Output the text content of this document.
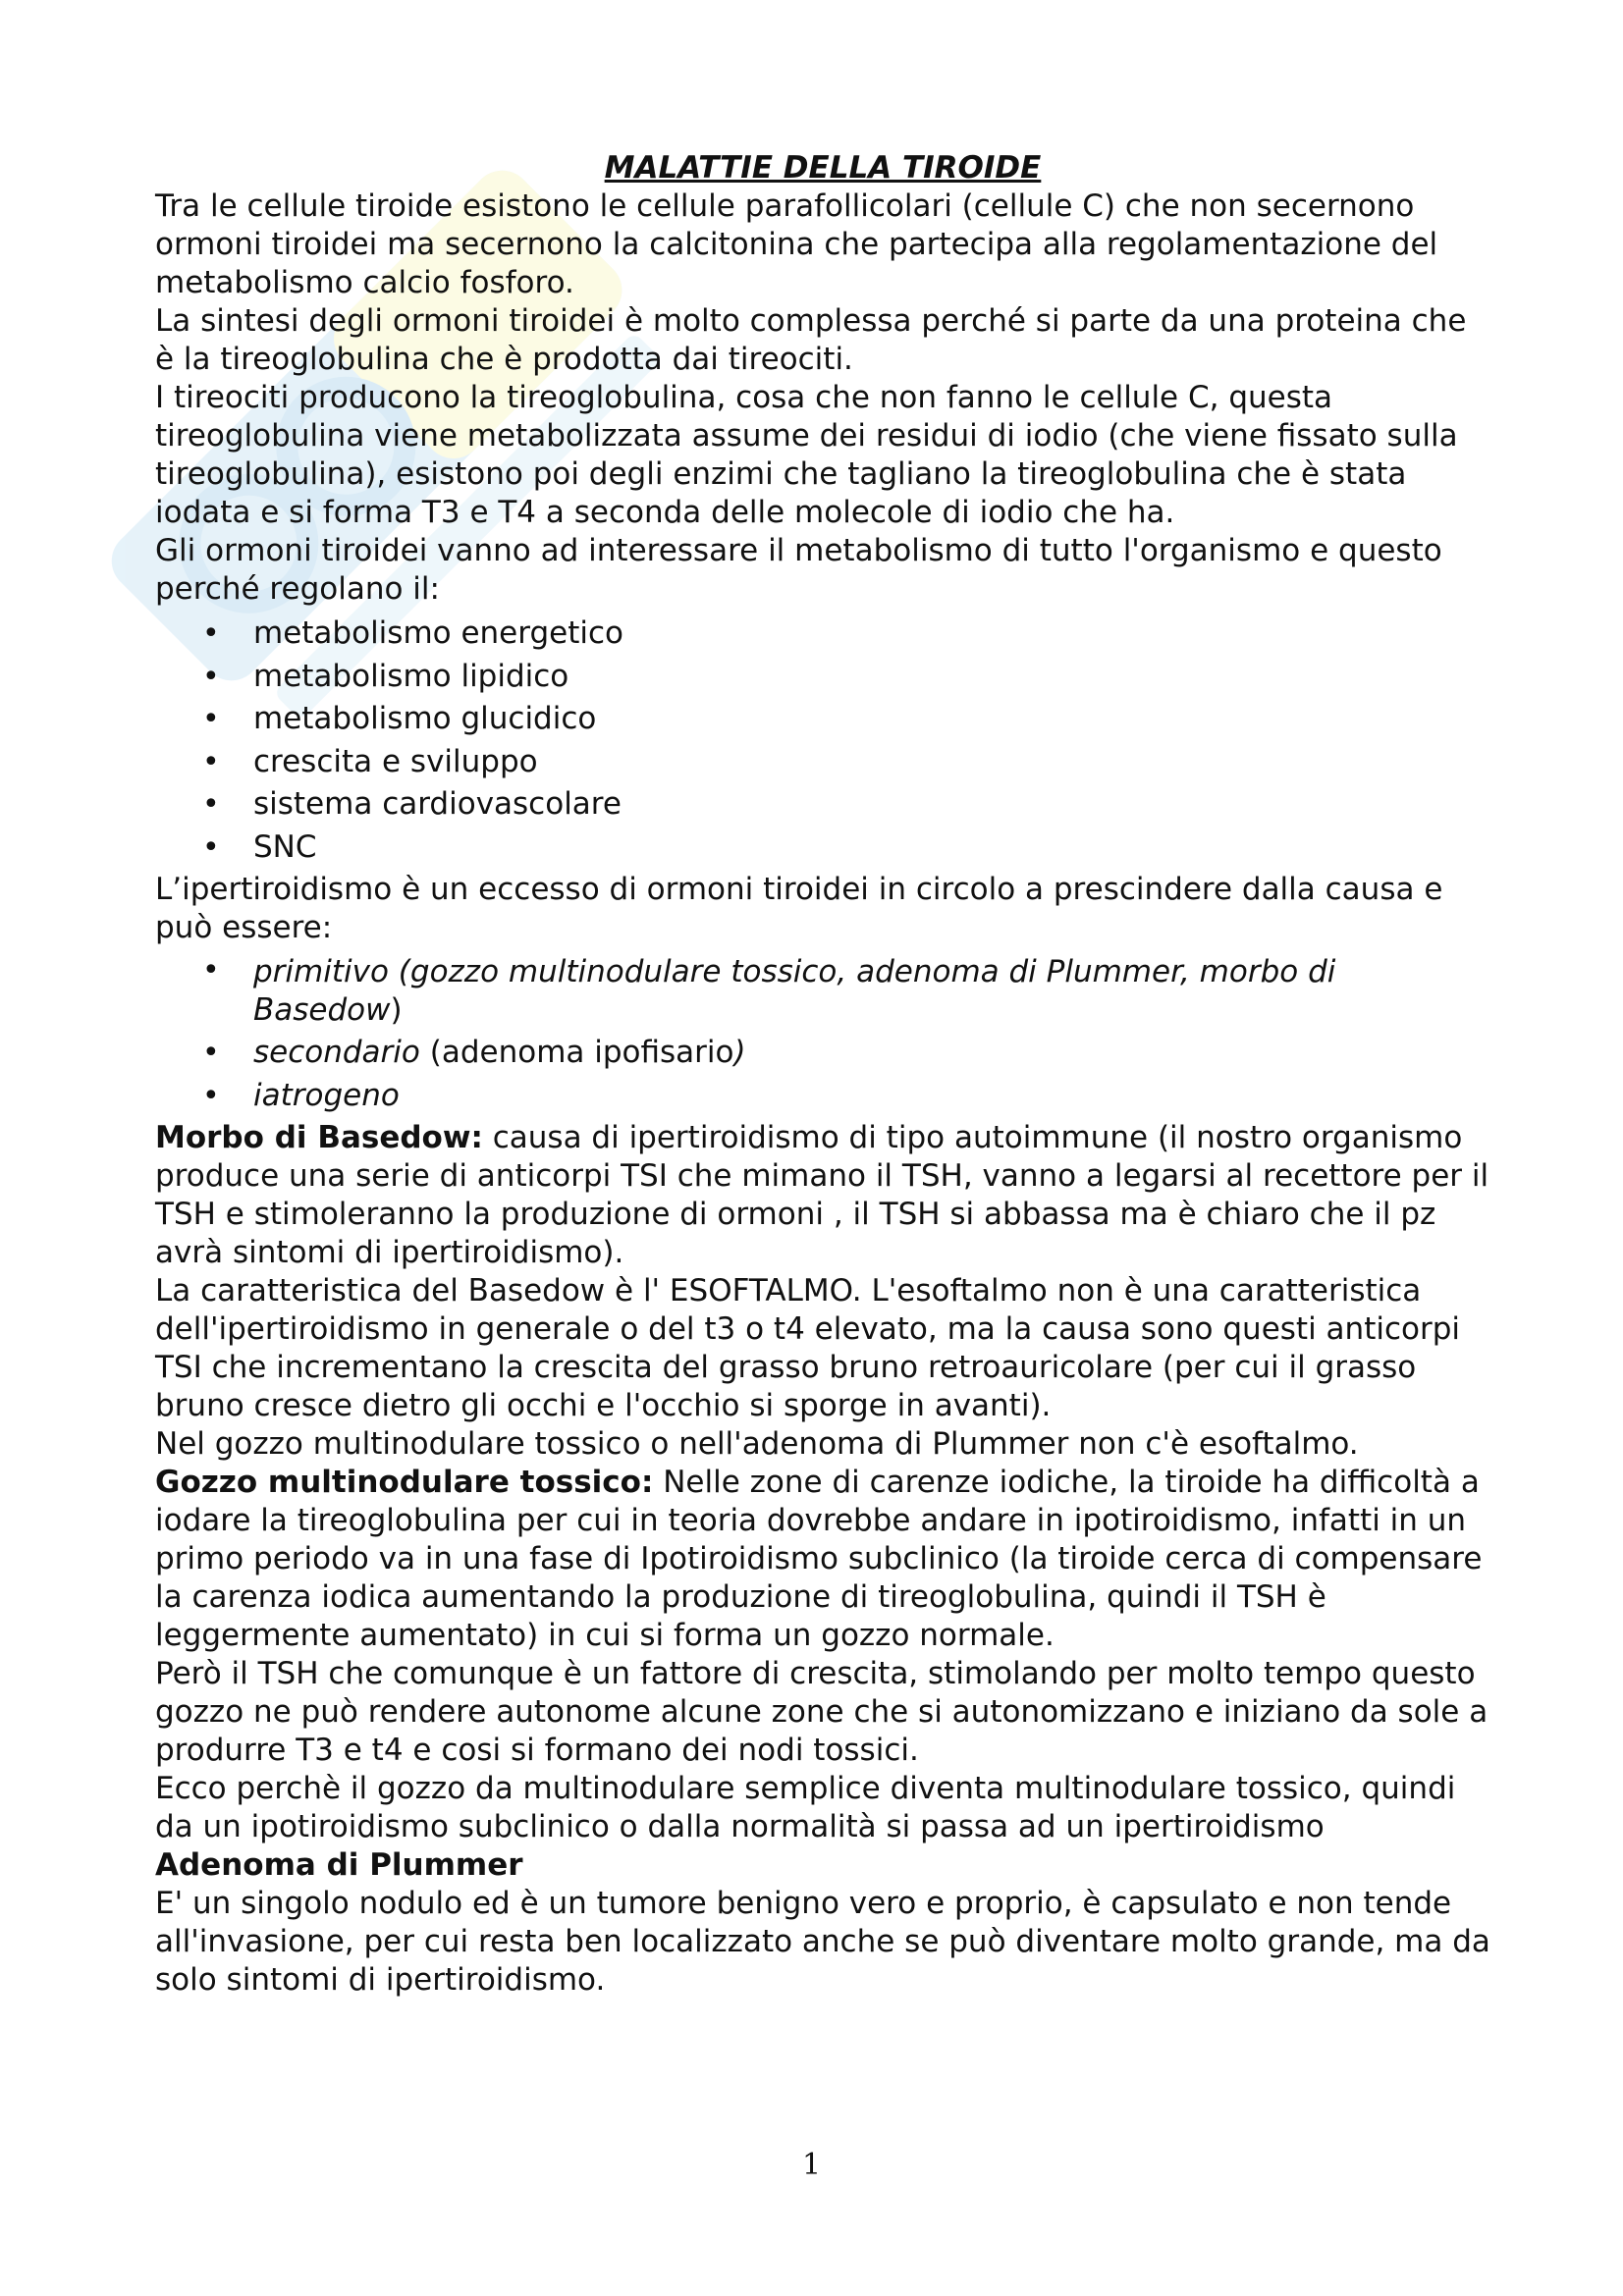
MALATTIE DELLA TIROIDE

Tra le cellule tiroide esistono le cellule parafollicolari (cellule C) che non secernono ormoni tiroidei ma secernono la calcitonina che partecipa alla regolamentazione del metabolismo calcio fosforo.

La sintesi degli ormoni tiroidei è molto complessa perché si parte da una proteina che è la tireoglobulina che è prodotta dai tireociti.

I tireociti producono la tireoglobulina, cosa che non fanno le cellule C, questa tireoglobulina viene metabolizzata assume dei residui di iodio (che viene fissato sulla tireoglobulina), esistono poi degli enzimi che tagliano la tireoglobulina che è stata iodata e si forma T3 e T4 a seconda delle molecole di iodio che ha.

Gli ormoni tiroidei vanno ad interessare il metabolismo di tutto l'organismo e questo perché regolano il:

• metabolismo energetico
• metabolismo lipidico
• metabolismo glucidico
• crescita e sviluppo
• sistema cardiovascolare
• SNC

L’ipertiroidismo è un eccesso di ormoni tiroidei in circolo a prescindere dalla causa e può essere:

• primitivo (gozzo multinodulare tossico, adenoma di Plummer, morbo di Basedow)
• secondario (adenoma ipofisario)
• iatrogeno

Morbo di Basedow: causa di ipertiroidismo di tipo autoimmune (il nostro organismo produce una serie di anticorpi TSI che mimano il TSH, vanno a legarsi al recettore per il TSH e stimoleranno la produzione di ormoni , il TSH si abbassa ma è chiaro che il pz avrà sintomi di ipertiroidismo).

La caratteristica del Basedow è l' ESOFTALMO. L'esoftalmo non è una caratteristica dell'ipertiroidismo in generale o del t3 o t4 elevato, ma la causa sono questi anticorpi TSI che incrementano la crescita del grasso bruno retroauricolare (per cui il grasso bruno cresce dietro gli occhi e l'occhio si sporge in avanti).

Nel gozzo multinodulare tossico o nell'adenoma di Plummer non c'è esoftalmo.

Gozzo multinodulare tossico: Nelle zone di carenze iodiche, la tiroide ha difficoltà a iodare la tireoglobulina per cui in teoria dovrebbe andare in ipotiroidismo, infatti in un primo periodo va in una fase di Ipotiroidismo subclinico (la tiroide cerca di compensare la carenza iodica aumentando la produzione di tireoglobulina, quindi il TSH è leggermente aumentato) in cui si forma un gozzo normale.

Però il TSH che comunque è un fattore di crescita, stimolando per molto tempo questo gozzo ne può rendere autonome alcune zone che si autonomizzano e iniziano da sole a produrre T3 e t4 e cosi si formano dei nodi tossici.

Ecco perchè il gozzo da multinodulare semplice diventa multinodulare tossico, quindi da un ipotiroidismo subclinico o dalla normalità si passa ad un ipertiroidismo

Adenoma di Plummer

E' un singolo nodulo ed è un tumore benigno vero e proprio, è capsulato e non tende all'invasione, per cui resta ben localizzato anche se può diventare molto grande, ma da solo sintomi di ipertiroidismo.

1
